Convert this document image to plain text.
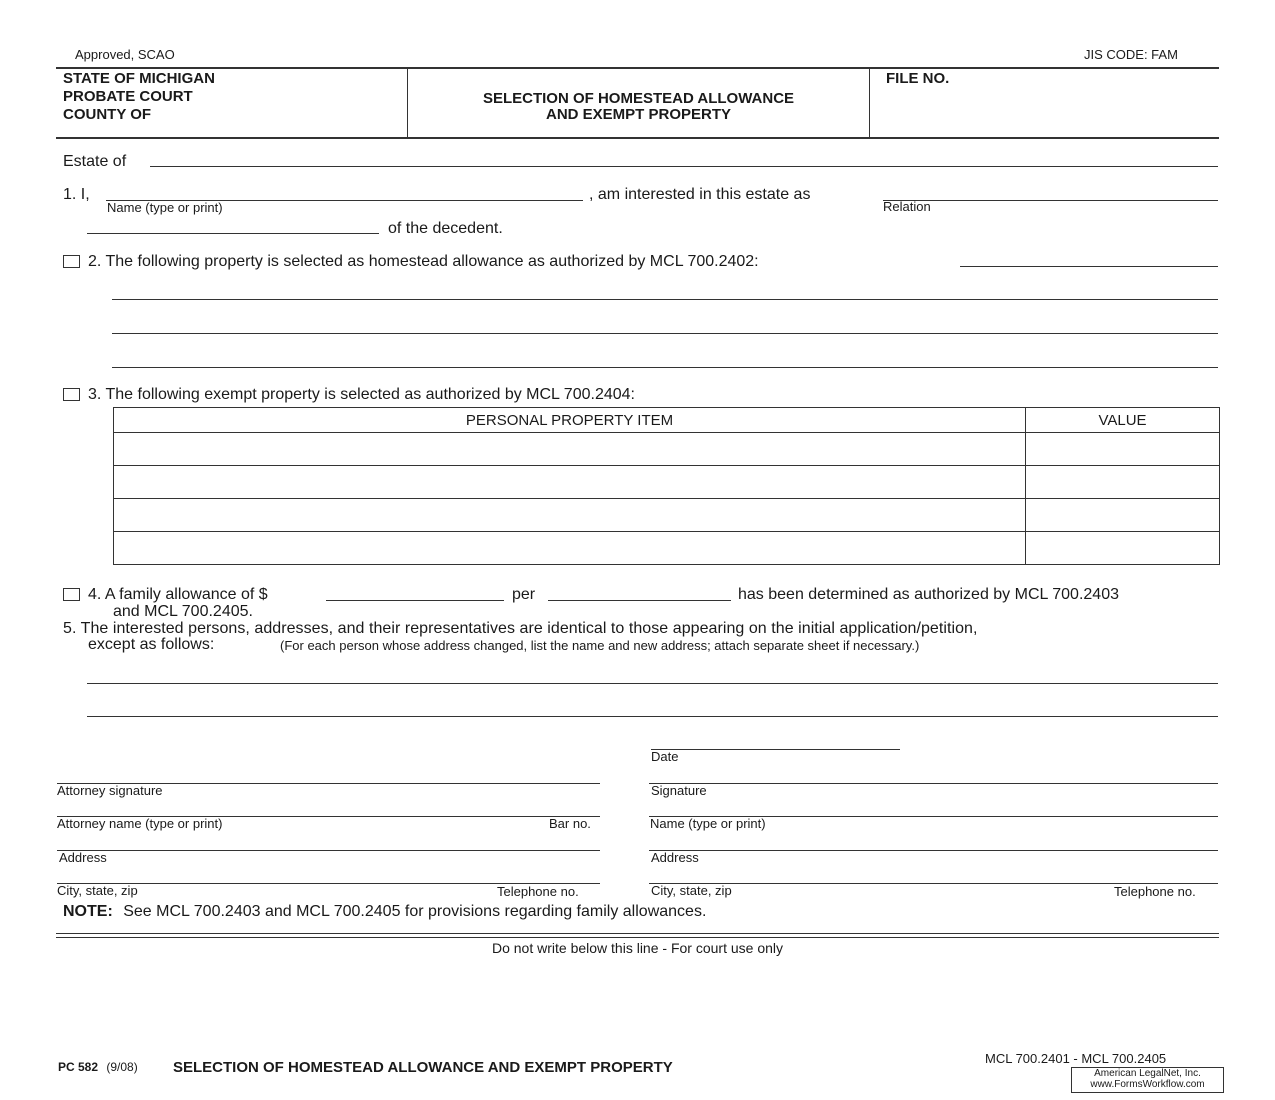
Approved, SCAO	JIS CODE: FAM
STATE OF MICHIGAN
PROBATE COURT
COUNTY OF
SELECTION OF HOMESTEAD ALLOWANCE
AND EXEMPT PROPERTY
FILE NO.
Estate of
1. I,
Name (type or print)
, am interested in this estate as
Relation
of the decedent.
2. The following property is selected as homestead allowance as authorized by MCL 700.2402:
3. The following exempt property is selected as authorized by MCL 700.2404:
PERSONAL PROPERTY ITEM	VALUE

4. A family allowance of $	per	has been determined as authorized by MCL 700.2403
and MCL 700.2405.
5. The interested persons, addresses, and their representatives are identical to those appearing on the initial application/petition,
except as follows:	(For each person whose address changed, list the name and new address; attach separate sheet if necessary.)
Date
Signature
Name (type or print)
Address
City, state, zip	Telephone no.
Attorney signature
Attorney name (type or print)	Bar no.
Address
City, state, zip	Telephone no.
NOTE: See MCL 700.2403 and MCL 700.2405 for provisions regarding family allowances.
Do not write below this line - For court use only
PC 582 (9/08) SELECTION OF HOMESTEAD ALLOWANCE AND EXEMPT PROPERTY
MCL 700.2401 - MCL 700.2405
American LegalNet, Inc.
www.FormsWorkflow.com
